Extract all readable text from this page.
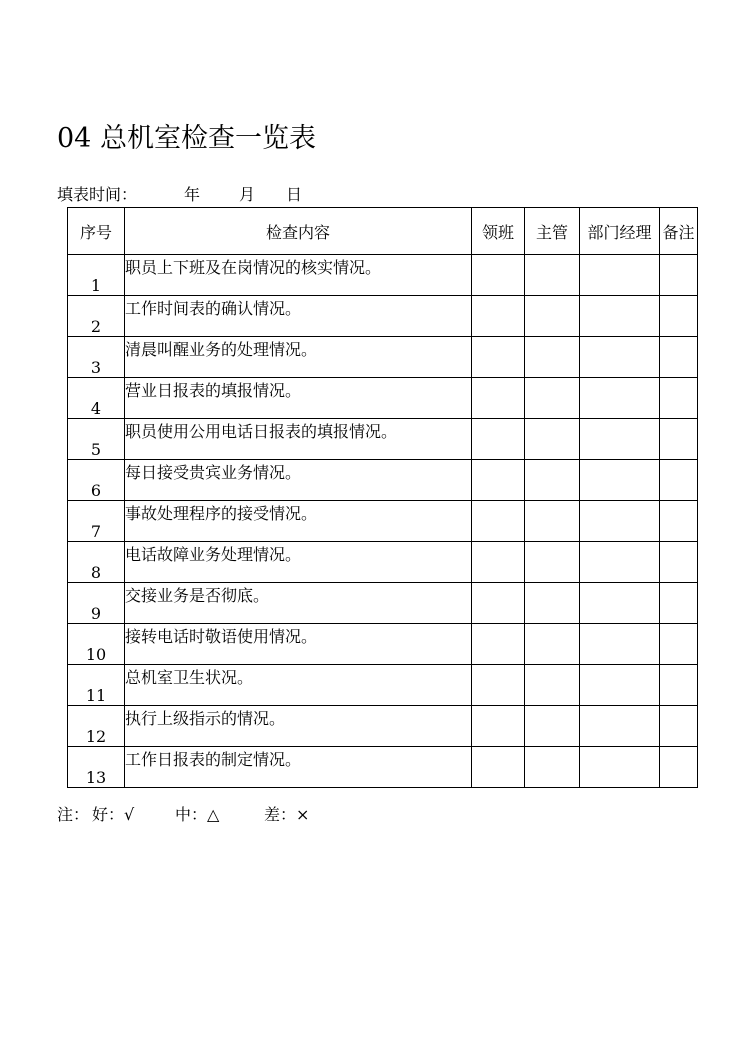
04 总机室检查一览表
填表时间：	年 月 日
序号	检查内容	领班	主管	部门经理	备注
1	职员上下班及在岗情况的核实情况。				
2	工作时间表的确认情况。				
3	清晨叫醒业务的处理情况。				
4	营业日报表的填报情况。				
5	职员使用公用电话日报表的填报情况。				
6	每日接受贵宾业务情况。				
7	事故处理程序的接受情况。				
8	电话故障业务处理情况。				
9	交接业务是否彻底。				
10	接转电话时敬语使用情况。				
11	总机室卫生状况。				
12	执行上级指示的情况。				
13	工作日报表的制定情况。				
注： 好：√	中：△	差：×
